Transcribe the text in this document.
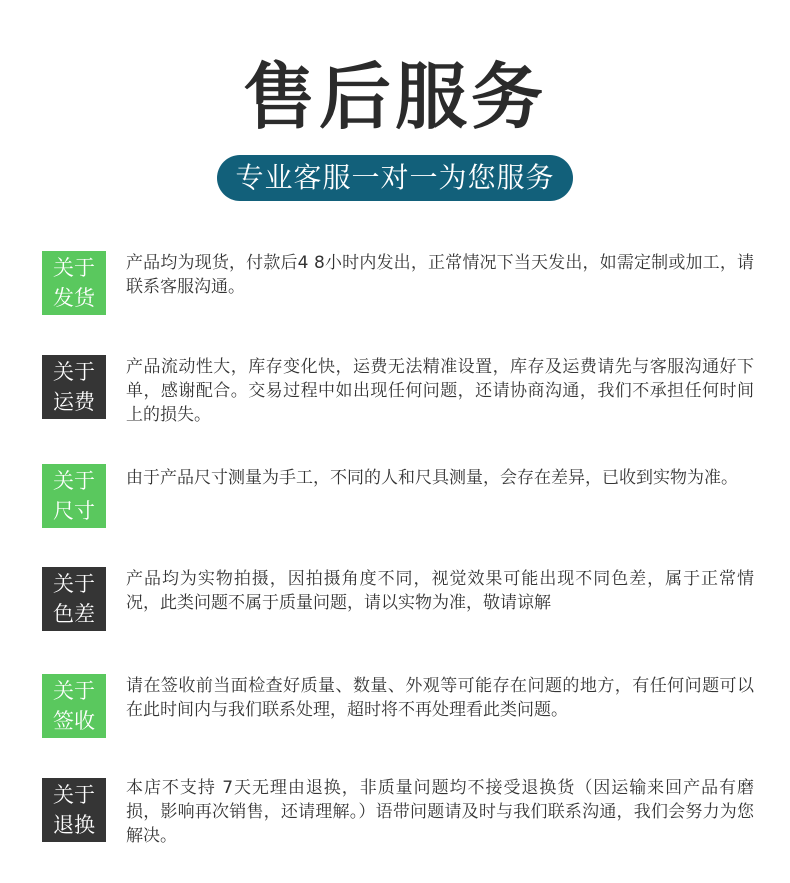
售后服务
专业客服一对一为您服务
关于
发货
产品均为现货，付款后4 8小时内发出，正常情况下当天发出，如需定制或加工，请联系客服沟通。
关于
运费
产品流动性大，库存变化快，运费无法精准设置，库存及运费请先与客服沟通好下单，感谢配合。交易过程中如出现任何问题，还请协商沟通，我们不承担任何时间上的损失。
关于
尺寸
由于产品尺寸测量为手工，不同的人和尺具测量，会存在差异，已收到实物为准。
关于
色差
产品均为实物拍摄，因拍摄角度不同，视觉效果可能出现不同色差，属于正常情况，此类问题不属于质量问题，请以实物为准，敬请谅解
关于
签收
请在签收前当面检查好质量、数量、外观等可能存在问题的地方，有任何问题可以在此时间内与我们联系处理，超时将不再处理看此类问题。
关于
退换
本店不支持 7天无理由退换，非质量问题均不接受退换货（因运输来回产品有磨损，影响再次销售，还请理解。）语带问题请及时与我们联系沟通，我们会努力为您解决。
